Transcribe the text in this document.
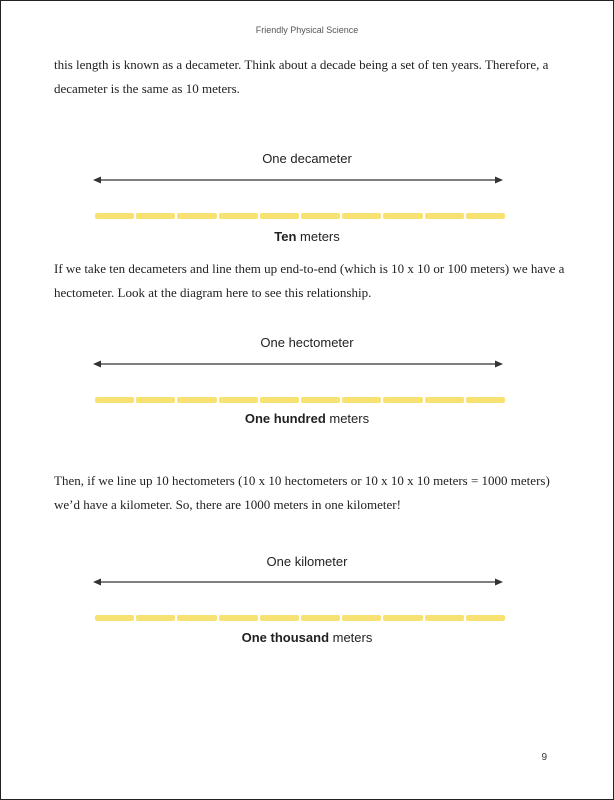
Friendly Physical Science
this length is known as a decameter. Think about a decade being a set of ten years. Therefore, a decameter is the same as 10 meters.
One decameter
Ten meters
If we take ten decameters and line them up end-to-end (which is 10 x 10 or 100 meters) we have a hectometer. Look at the diagram here to see this relationship.
One hectometer
One hundred meters
Then, if we line up 10 hectometers (10 x 10 hectometers or 10 x 10 x 10 meters = 1000 meters) we’d have a kilometer. So, there are 1000 meters in one kilometer!
One kilometer
One thousand meters
9
